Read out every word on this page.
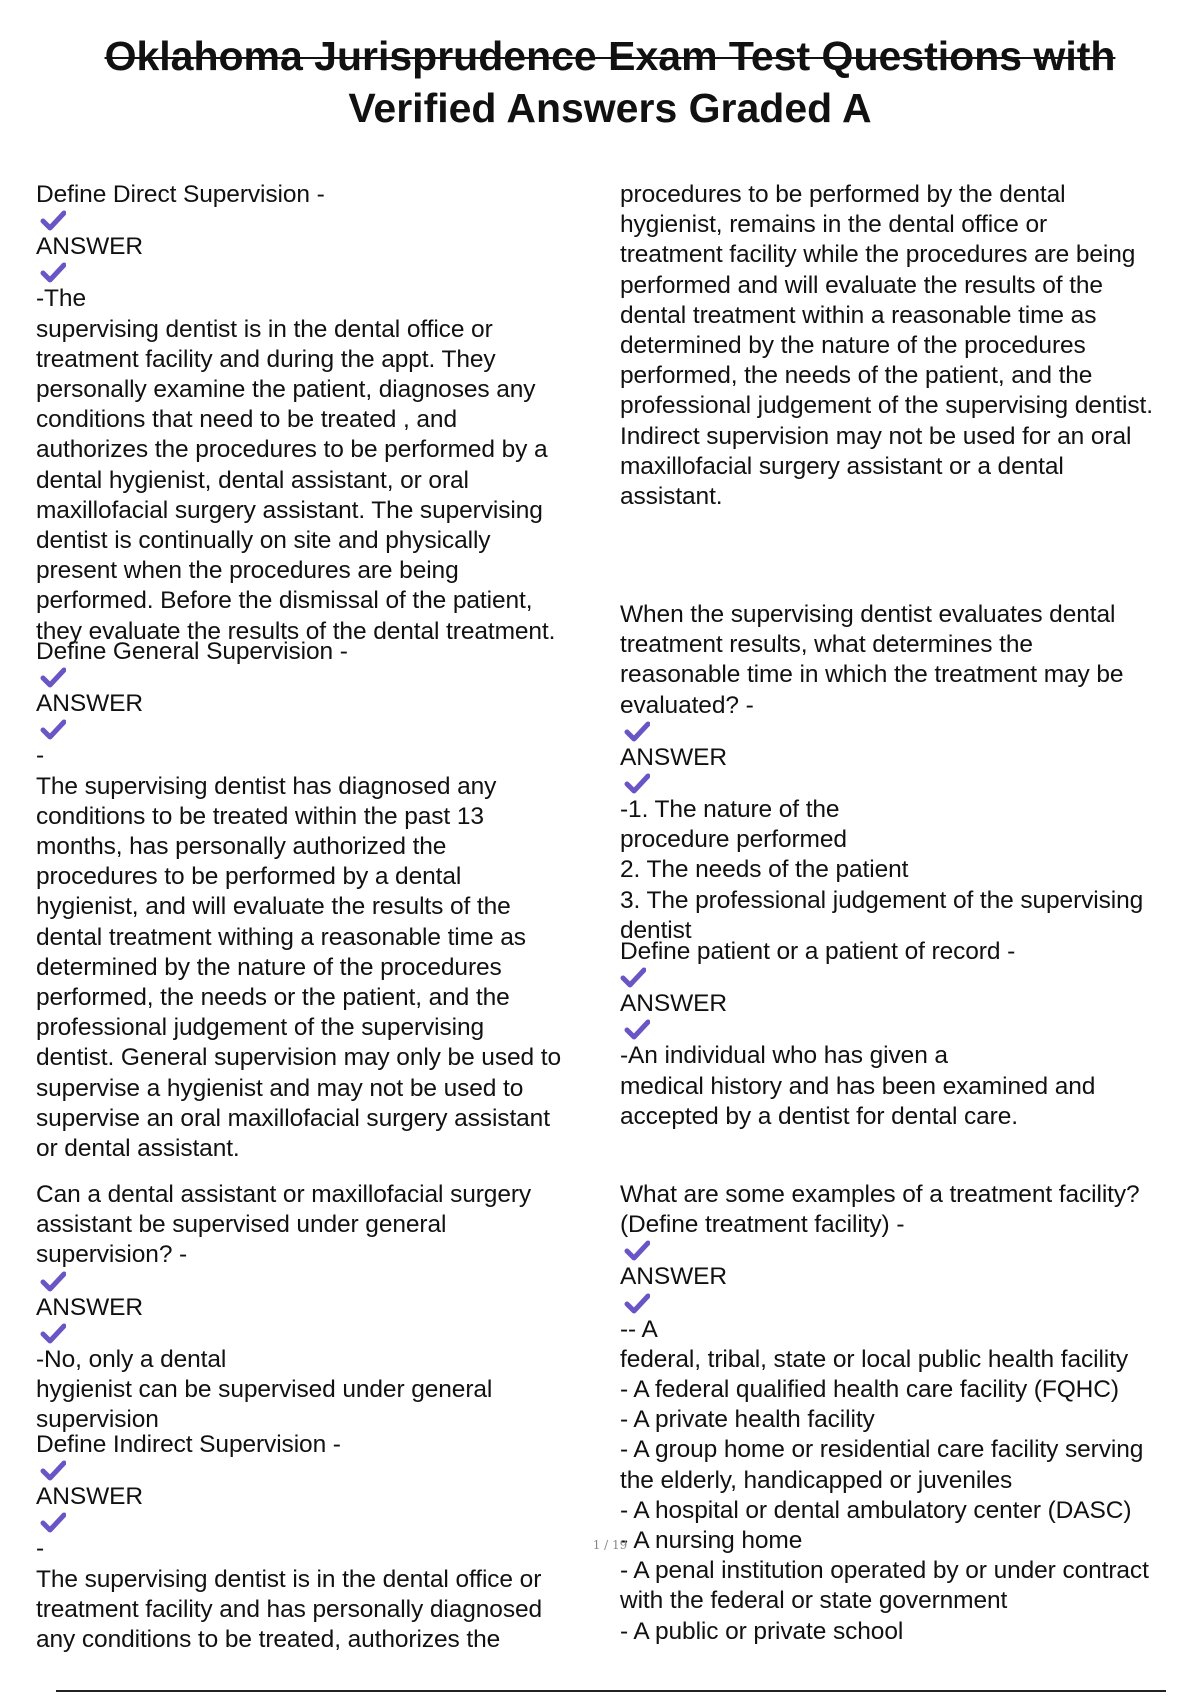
Oklahoma Jurisprudence Exam Test Questions with
Verified Answers Graded A
Define Direct Supervision -
ANSWER
-The
supervising dentist is in the dental office or
treatment facility and during the appt. They
personally examine the patient, diagnoses any
conditions that need to be treated , and
authorizes the procedures to be performed by a
dental hygienist, dental assistant, or oral
maxillofacial surgery assistant. The supervising
dentist is continually on site and physically
present when the procedures are being
performed. Before the dismissal of the patient,
they evaluate the results of the dental treatment.
Define General Supervision -
ANSWER
-
The supervising dentist has diagnosed any
conditions to be treated within the past 13
months, has personally authorized the
procedures to be performed by a dental
hygienist, and will evaluate the results of the
dental treatment withing a reasonable time as
determined by the nature of the procedures
performed, the needs or the patient, and the
professional judgement of the supervising
dentist. General supervision may only be used to
supervise a hygienist and may not be used to
supervise an oral maxillofacial surgery assistant
or dental assistant.
Can a dental assistant or maxillofacial surgery
assistant be supervised under general
supervision? -
ANSWER
-No, only a dental
hygienist can be supervised under general
supervision
Define Indirect Supervision -
ANSWER
-
The supervising dentist is in the dental office or
treatment facility and has personally diagnosed
any conditions to be treated, authorizes the
procedures to be performed by the dental
hygienist, remains in the dental office or
treatment facility while the procedures are being
performed and will evaluate the results of the
dental treatment within a reasonable time as
determined by the nature of the procedures
performed, the needs of the patient, and the
professional judgement of the supervising dentist.
Indirect supervision may not be used for an oral
maxillofacial surgery assistant or a dental
assistant.
When the supervising dentist evaluates dental
treatment results, what determines the
reasonable time in which the treatment may be
evaluated? -
ANSWER
-1. The nature of the
procedure performed
2. The needs of the patient
3. The professional judgement of the supervising
dentist
Define patient or a patient of record -
ANSWER
-An individual who has given a
medical history and has been examined and
accepted by a dentist for dental care.
What are some examples of a treatment facility?
(Define treatment facility) -
ANSWER
-- A
federal, tribal, state or local public health facility
- A federal qualified health care facility (FQHC)
- A private health facility
- A group home or residential care facility serving
the elderly, handicapped or juveniles
- A hospital or dental ambulatory center (DASC)
- A nursing home
- A penal institution operated by or under contract
with the federal or state government
- A public or private school
1 / 19
